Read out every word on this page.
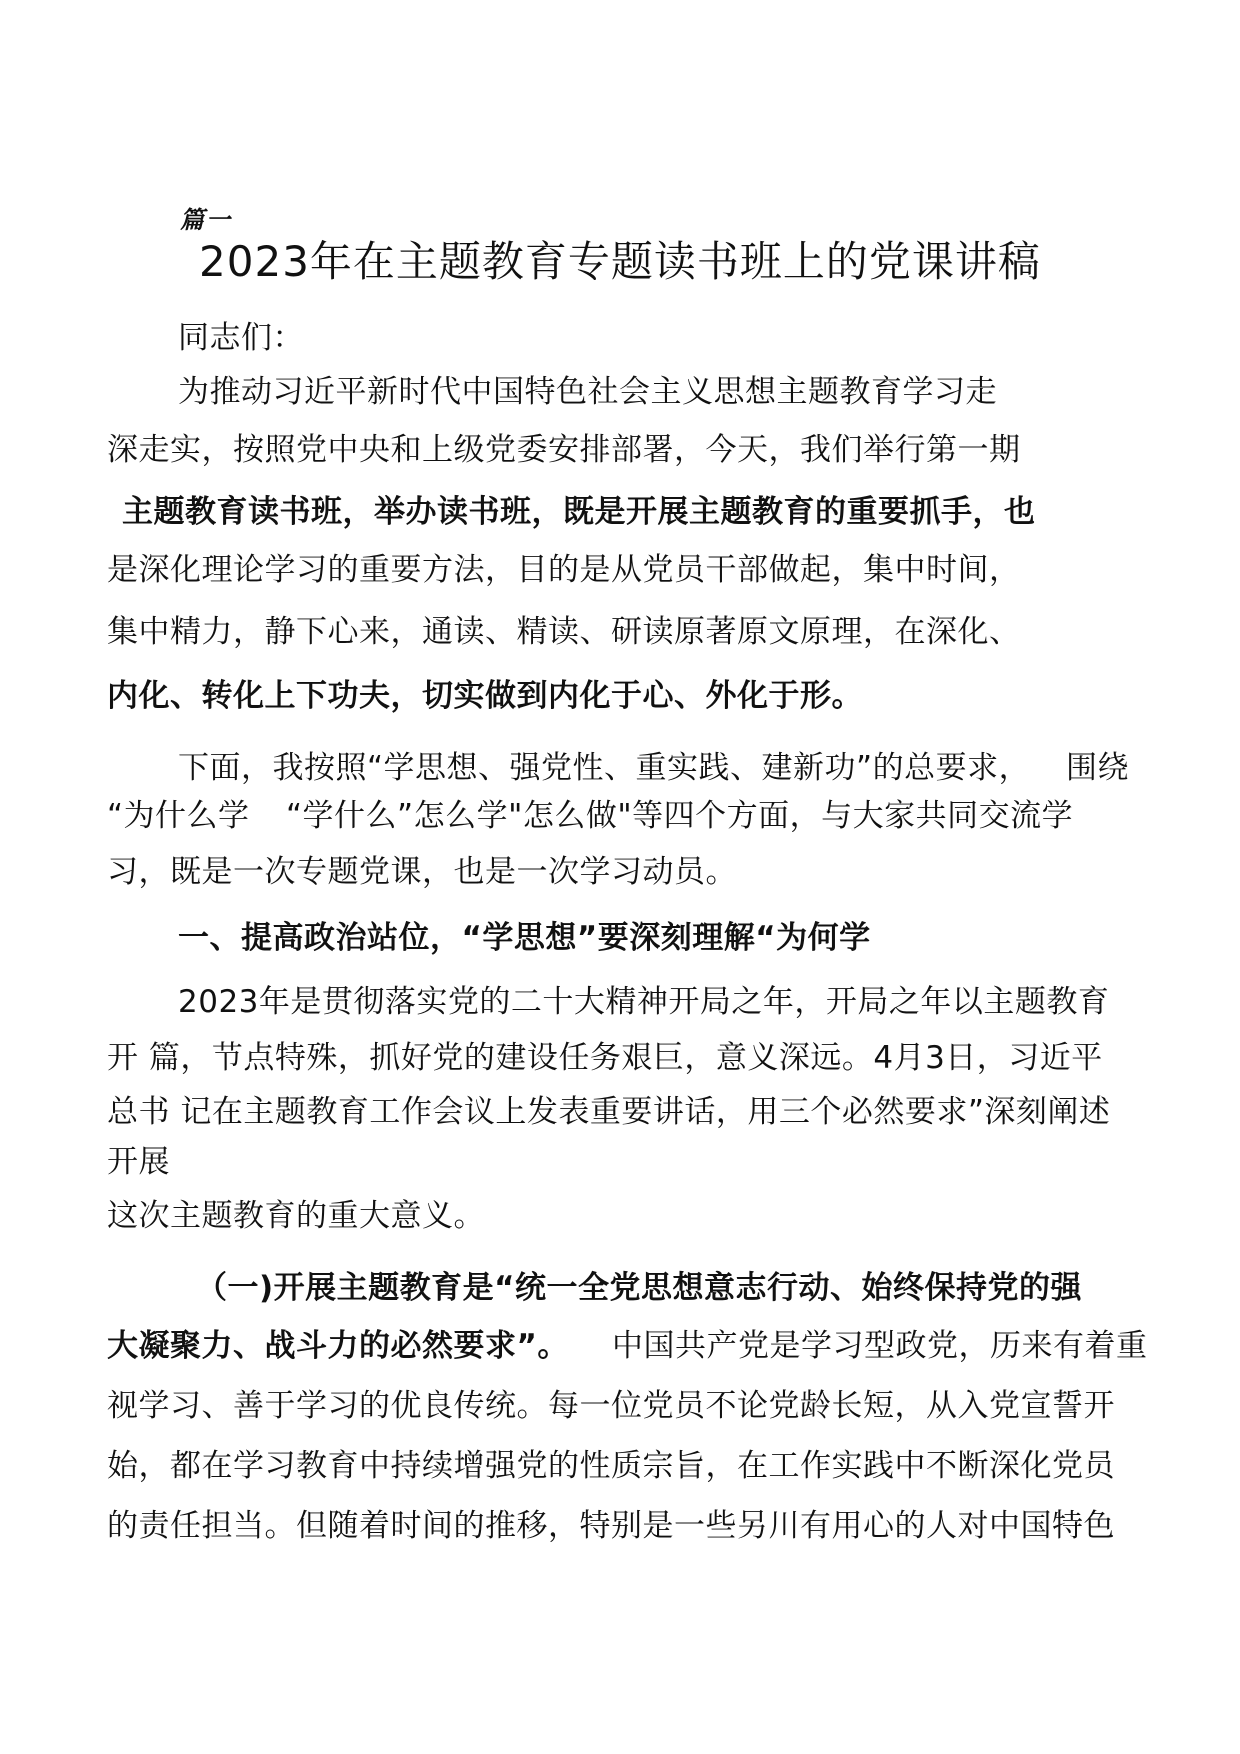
篇一
2023年在主题教育专题读书班上的党课讲稿
同志们：
为推动习近平新时代中国特色社会主义思想主题教育学习走
深走实，按照党中央和上级党委安排部署，今天，我们举行第一期
主题教育读书班，举办读书班，既是开展主题教育的重要抓手，也
是深化理论学习的重要方法，目的是从党员干部做起，集中时间，
集中精力，静下心来，通读、精读、研读原著原文原理，在深化、
内化、转化上下功夫，切实做到内化于心、外化于形。
下面，我按照“学思想、强党性、重实践、建新功”的总要求， 围绕
“为什么学 “学什么”怎么学"怎么做"等四个方面，与大家共同交流学
习，既是一次专题党课，也是一次学习动员。
一、提高政治站位，“学思想”要深刻理解“为何学
2023年是贯彻落实党的二十大精神开局之年，开局之年以主题教育
开 篇，节点特殊，抓好党的建设任务艰巨，意义深远。4月3日，习近平
总书 记在主题教育工作会议上发表重要讲话，用三个必然要求”深刻阐述
开展
这次主题教育的重大意义。
（一)开展主题教育是“统一全党思想意志行动、始终保持党的强
大凝聚力、战斗力的必然要求”。 中国共产党是学习型政党，历来有着重
视学习、善于学习的优良传统。每一位党员不论党龄长短，从入党宣誓开
始，都在学习教育中持续增强党的性质宗旨，在工作实践中不断深化党员
的责任担当。但随着时间的推移，特别是一些另川有用心的人对中国特色
